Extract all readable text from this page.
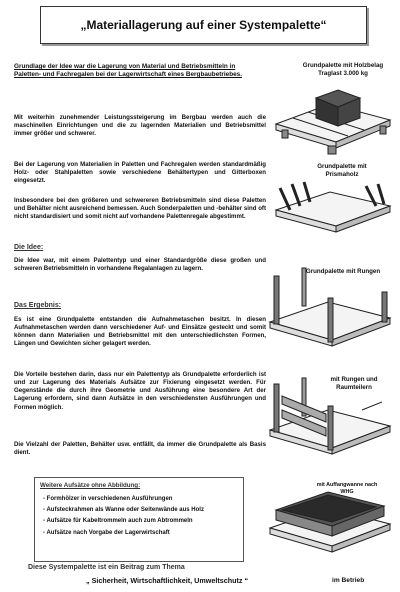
„Materiallagerung auf einer Systempalette“
Grundlage der Idee war die Lagerung von Material und Betriebsmitteln in Paletten- und Fachregalen bei der Lagerwirtschaft eines Bergbaubetriebes.
Mit weiterhin zunehmender Leistungssteigerung im Bergbau werden auch die maschinellen Einrichtungen und die zu lagernden Materialien und Betriebsmittel immer größer und schwerer.
Bei der Lagerung von Materialien in Paletten und Fachregalen werden standardmäßig Holz- oder Stahlpaletten sowie verschiedene Behältertypen und Gitterboxen eingesetzt.
Insbesondere bei den größeren und schwereren Betriebsmitteln sind diese Paletten und Behälter nicht ausreichend bemessen. Auch Sonderpaletten und -behälter sind oft nicht standardisiert und somit nicht auf vorhandene Palettenregale abgestimmt.
Die Idee:
Die Idee war, mit einem Palettentyp und einer Standardgröße diese großen und schweren Betriebsmitteln in vorhandene Regalanlagen zu lagern.
Das Ergebnis:
Es ist eine Grundpalette entstanden die Aufnahmetaschen besitzt. In diesen Aufnahmetaschen werden dann verschiedener Auf- und Einsätze gesteckt und somit können dann Materialien und Betriebsmittel mit den unterschiedlichsten Formen, Längen und Gewichten sicher gelagert werden.
Die Vorteile bestehen darin, dass nur ein Palettentyp als Grundpalette erforderlich ist und zur Lagerung des Materials Aufsätze zur Fixierung eingesetzt werden. Für Gegenstände die durch ihre Geometrie und Ausführung eine besondere Art der Lagerung erfordern, sind dann Aufsätze in den verschiedensten Ausführungen und Formen möglich.
Die Vielzahl der Paletten, Behälter usw. entfällt, da immer die Grundpalette als Basis dient.
Weitere Aufsätze ohne Abbildung:
- Formhölzer in verschiedenen Ausführungen
- Aufsteckrahmen als Wanne oder Seitenwände aus Holz
- Aufsätze für Kabeltrommeln auch zum Abtrommeln
- Aufsätze nach Vorgabe der Lagerwirtschaft
Diese Systempalette ist ein Beitrag zum Thema
„ Sicherheit, Wirtschaftlichkeit, Umweltschutz “	im Betrieb
Grundpalette mit Holzbelag Traglast 3.000 kg
Grundpalette mit Prismaholz
Grundpalette mit Rungen
mit Rungen und Raumteilern
mit Auffangwanne nach WHG
